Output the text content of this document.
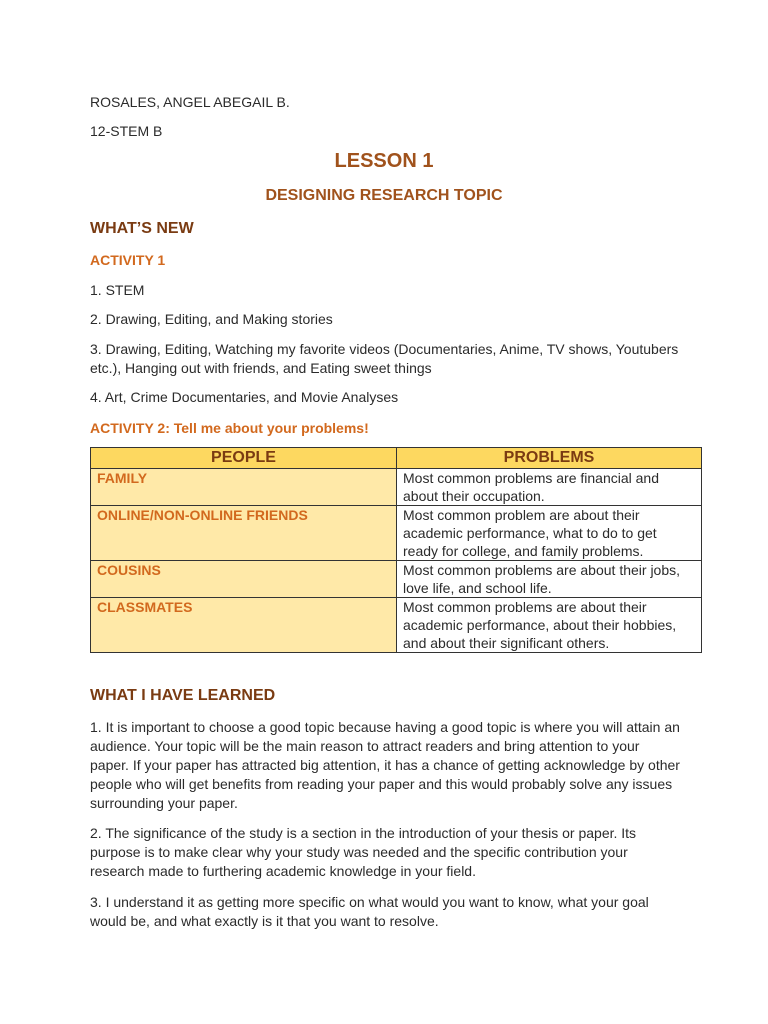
ROSALES, ANGEL ABEGAIL B.

12-STEM B

LESSON 1
DESIGNING RESEARCH TOPIC
WHAT’S NEW

ACTIVITY 1

1. STEM

2. Drawing, Editing, and Making stories

3. Drawing, Editing, Watching my favorite videos (Documentaries, Anime, TV shows, Youtubers etc.), Hanging out with friends, and Eating sweet things

4. Art, Crime Documentaries, and Movie Analyses

ACTIVITY 2: Tell me about your problems!

PEOPLE	PROBLEMS
FAMILY	Most common problems are financial and about their occupation.
ONLINE/NON-ONLINE FRIENDS	Most common problem are about their academic performance, what to do to get ready for college, and family problems.
COUSINS	Most common problems are about their jobs, love life, and school life.
CLASSMATES	Most common problems are about their academic performance, about their hobbies, and about their significant others.
WHAT I HAVE LEARNED

1. It is important to choose a good topic because having a good topic is where you will attain an audience. Your topic will be the main reason to attract readers and bring attention to your paper. If your paper has attracted big attention, it has a chance of getting acknowledge by other people who will get benefits from reading your paper and this would probably solve any issues surrounding your paper.

2. The significance of the study is a section in the introduction of your thesis or paper. Its purpose is to make clear why your study was needed and the specific contribution your research made to furthering academic knowledge in your field.

3. I understand it as getting more specific on what would you want to know, what your goal would be, and what exactly is it that you want to resolve.
